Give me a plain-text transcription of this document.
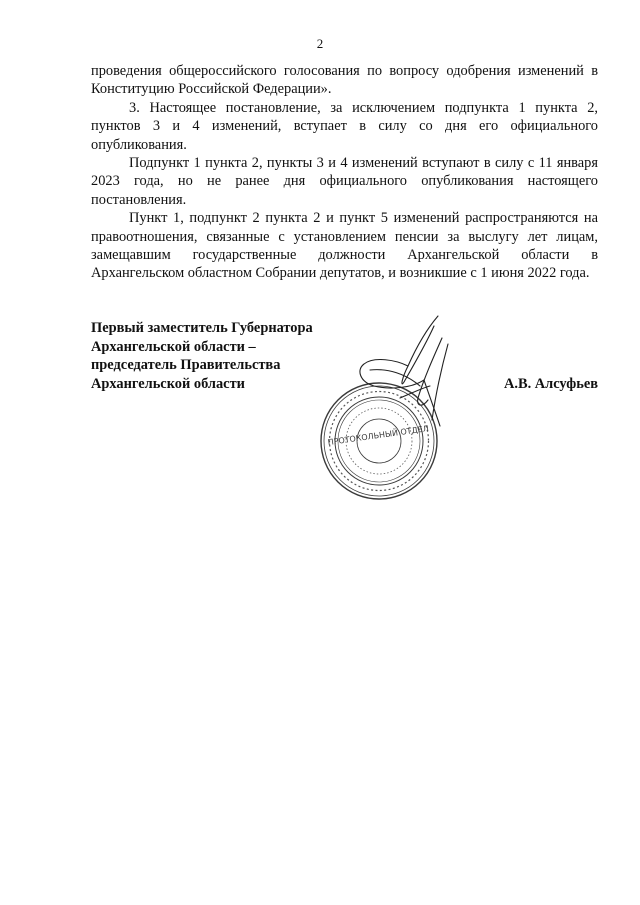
2

проведения общероссийского голосования по вопросу одобрения изменений в Конституцию Российской Федерации».

3. Настоящее постановление, за исключением подпункта 1 пункта 2, пунктов 3 и 4 изменений, вступает в силу со дня его официального опубликования.

Подпункт 1 пункта 2, пункты 3 и 4 изменений вступают в силу с 11 января 2023 года, но не ранее дня официального опубликования настоящего постановления.

Пункт 1, подпункт 2 пункта 2 и пункт 5 изменений распространяются на правоотношения, связанные с установлением пенсии за выслугу лет лицам, замещавшим государственные должности Архангельской области в Архангельском областном Собрании депутатов, и возникшие с 1 июня 2022 года.

Первый заместитель Губернатора
Архангельской области –
председатель Правительства
Архангельской области	А.В. Алсуфьев
ПРОТОКОЛЬНЫЙ ОТДЕЛ
